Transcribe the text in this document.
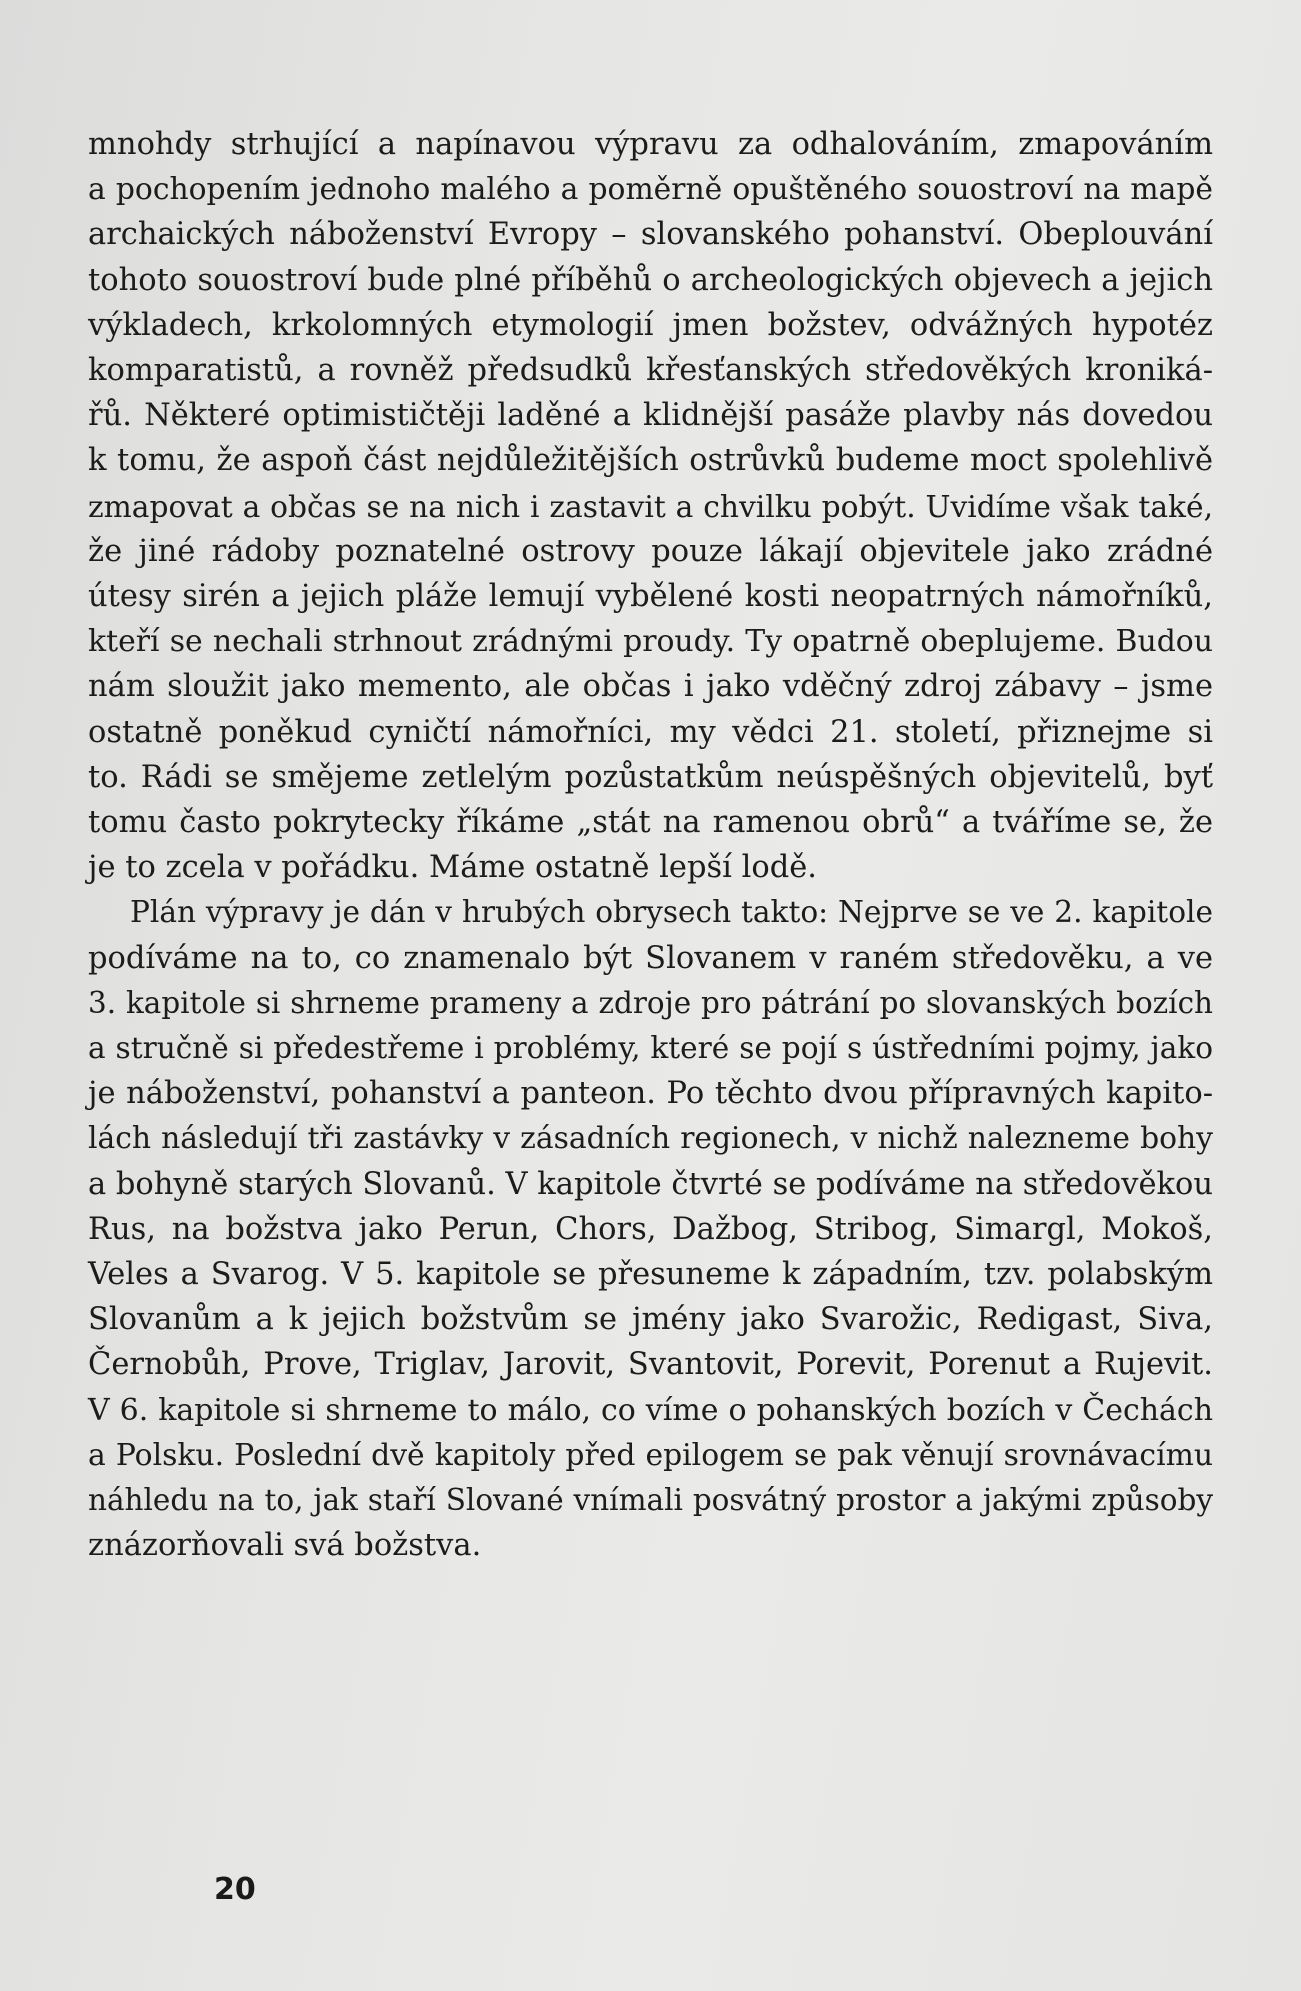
mnohdy strhující a napínavou výpravu za odhalováním, zmapováním
a pochopením jednoho malého a poměrně opuštěného souostroví na mapě
archaických náboženství Evropy – slovanského pohanství. Obeplouvání
tohoto souostroví bude plné příběhů o archeologických objevech a jejich
výkladech, krkolomných etymologií jmen božstev, odvážných hypotéz
komparatistů, a rovněž předsudků křesťanských středověkých kroniká-
řů. Některé optimističtěji laděné a klidnější pasáže plavby nás dovedou
k tomu, že aspoň část nejdůležitějších ostrůvků budeme moct spolehlivě
zmapovat a občas se na nich i zastavit a chvilku pobýt. Uvidíme však také,
že jiné rádoby poznatelné ostrovy pouze lákají objevitele jako zrádné
útesy sirén a jejich pláže lemují vybělené kosti neopatrných námořníků,
kteří se nechali strhnout zrádnými proudy. Ty opatrně obeplujeme. Budou
nám sloužit jako memento, ale občas i jako vděčný zdroj zábavy – jsme
ostatně poněkud cyničtí námořníci, my vědci 21. století, přiznejme si
to. Rádi se smějeme zetlelým pozůstatkům neúspěšných objevitelů, byť
tomu často pokrytecky říkáme „stát na ramenou obrů“ a tváříme se, že
je to zcela v pořádku. Máme ostatně lepší lodě.

Plán výpravy je dán v hrubých obrysech takto: Nejprve se ve 2. kapitole
podíváme na to, co znamenalo být Slovanem v raném středověku, a ve
3. kapitole si shrneme prameny a zdroje pro pátrání po slovanských bozích
a stručně si předestřeme i problémy, které se pojí s ústředními pojmy, jako
je náboženství, pohanství a panteon. Po těchto dvou přípravných kapito-
lách následují tři zastávky v zásadních regionech, v nichž nalezneme bohy
a bohyně starých Slovanů. V kapitole čtvrté se podíváme na středověkou
Rus, na božstva jako Perun, Chors, Dažbog, Stribog, Simargl, Mokoš,
Veles a Svarog. V 5. kapitole se přesuneme k západním, tzv. polabským
Slovanům a k jejich božstvům se jmény jako Svarožic, Redigast, Siva,
Černobůh, Prove, Triglav, Jarovit, Svantovit, Porevit, Porenut a Rujevit.
V 6. kapitole si shrneme to málo, co víme o pohanských bozích v Čechách
a Polsku. Poslední dvě kapitoly před epilogem se pak věnují srovnávacímu
náhledu na to, jak staří Slované vnímali posvátný prostor a jakými způsoby
znázorňovali svá božstva.

20
